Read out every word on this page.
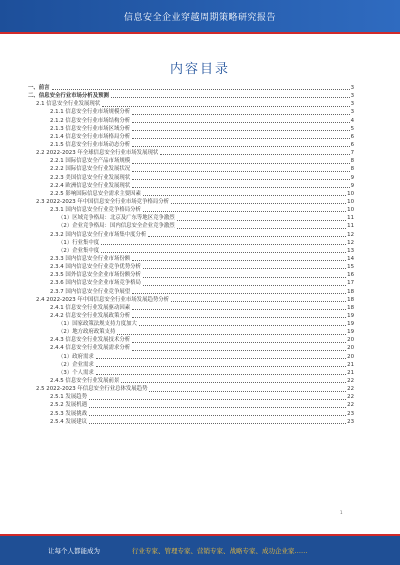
信息安全企业穿越周期策略研究报告
内容目录
一、前言	3
二、信息安全行业市场分析及预测	3
2.1 信息安全行业发展现状	3
2.1.1 信息安全行业市场规模分析	3
2.1.2 信息安全行业市场结构分析	4
2.1.3 信息安全行业市场区域分析	5
2.1.4 信息安全行业市场格局分析	6
2.1.5 信息安全行业市场动态分析	6
2.2 2022-2023 年全球信息安全行业市场发展现状	7
2.2.1 国际信息安全产品市场规模	8
2.2.2 国际信息安全行业发展状况	8
2.2.3 美国信息安全行业发展现状	9
2.2.4 欧洲信息安全行业发展现状	9
2.2.5 影响国际信息安全需求主要因素	10
2.3 2022-2023 年中国信息安全行业市场竞争格局分析	10
2.3.1 国内信息安全行业竞争格局分析	10
（1）区域竞争格局：北京及广东等地区竞争激烈	11
（2）企业竞争格局：国内信息安全企业竞争激烈	11
2.3.2 国内信息安全行业市场集中度分析	12
（1）行业集中度	12
（2）企业集中度	13
2.3.3 国内信息安全行业市场份额	14
2.3.4 国内信息安全行业竞争优势分析	15
2.3.5 国外信息安全企业市场份额分析	16
2.3.6 国内信息安全企业市场竞争格局	17
2.3.7 国内信息安全行业竞争展望	18
2.4 2022-2023 年中国信息安全行业市场发展趋势分析	18
2.4.1 信息安全行业发展驱动因素	18
2.4.2 信息安全行业发展政策分析	19
（1）国家政策法规支持力度加大	19
（2）地方政府政策支持	19
2.4.3 信息安全行业发展技术分析	20
2.4.4 信息安全行业发展需求分析	20
（1）政府需求	20
（2）企业需求	21
（3）个人需求	21
2.4.5 信息安全行业发展前景	22
2.5 2022-2023 年信息安全行业总体发展趋势	22
2.5.1 发展趋势	22
2.5.2 发展机遇	22
2.5.3 发展挑战	23
2.5.4 发展建议	23
1
让每个人都能成为	行业专家、管理专家、营销专家、战略专家、成功企业家……
